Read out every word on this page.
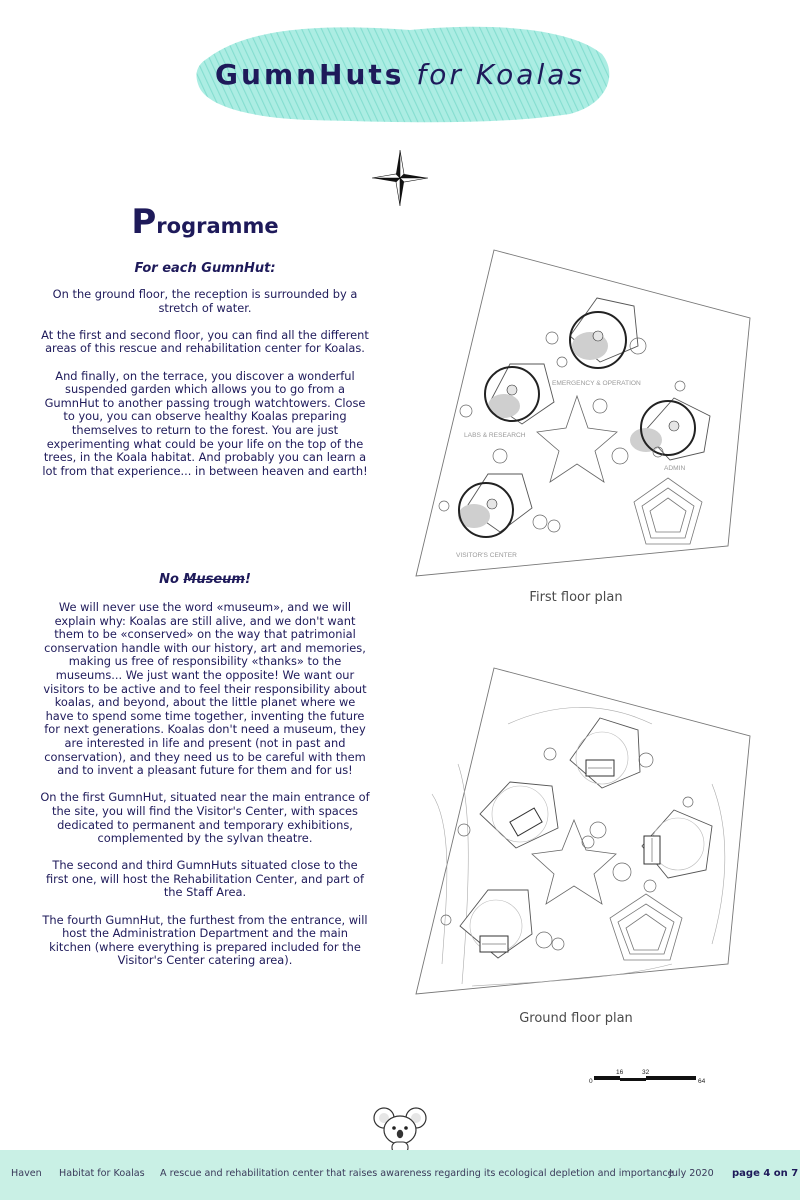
GumnHuts for Koalas
Programme
For each GumnHut:

On the ground floor, the reception is surrounded by a stretch of water.

At the first and second floor, you can find all the different areas of this rescue and rehabilitation center for Koalas.

And finally, on the terrace, you discover a wonderful suspended garden which allows you to go from a GumnHut to another passing trough watchtowers. Close to you, you can observe healthy Koalas preparing themselves to return to the forest. You are just experimenting what could be your life on the top of the trees, in the Koala habitat. And probably you can learn a lot from that experience... in between heaven and earth!

No Museum!

We will never use the word «museum», and we will explain why: Koalas are still alive, and we don't want them to be «conserved» on the way that patrimonial conservation handle with our history, art and memories, making us free of responsibility «thanks» to the museums... We just want the opposite! We want our visitors to be active and to feel their responsibility about koalas, and beyond, about the little planet where we have to spend some time together, inventing the future for next generations. Koalas don't need a museum, they are interested in life and present (not in past and conservation), and they need us to be careful with them and to invent a pleasant future for them and for us!

On the first GumnHut, situated near the main entrance of the site, you will find the Visitor's Center, with spaces dedicated to permanent and temporary exhibitions, complemented by the sylvan theatre.

The second and third GumnHuts situated close to the first one, will host the Rehabilitation Center, and part of the Staff Area.

The fourth GumnHut, the furthest from the entrance, will host the Administration Department and the main kitchen (where everything is prepared included for the Visitor's Center catering area).

EMERGENCY & OPERATION
LABS & RESEARCH
ADMIN
VISITOR'S CENTER
First floor plan
Ground floor plan
0
16	32
64
Haven Habitat for Koalas A rescue and rehabilitation center that raises awareness regarding its ecological depletion and importance
July 2020 page 4 on 7
